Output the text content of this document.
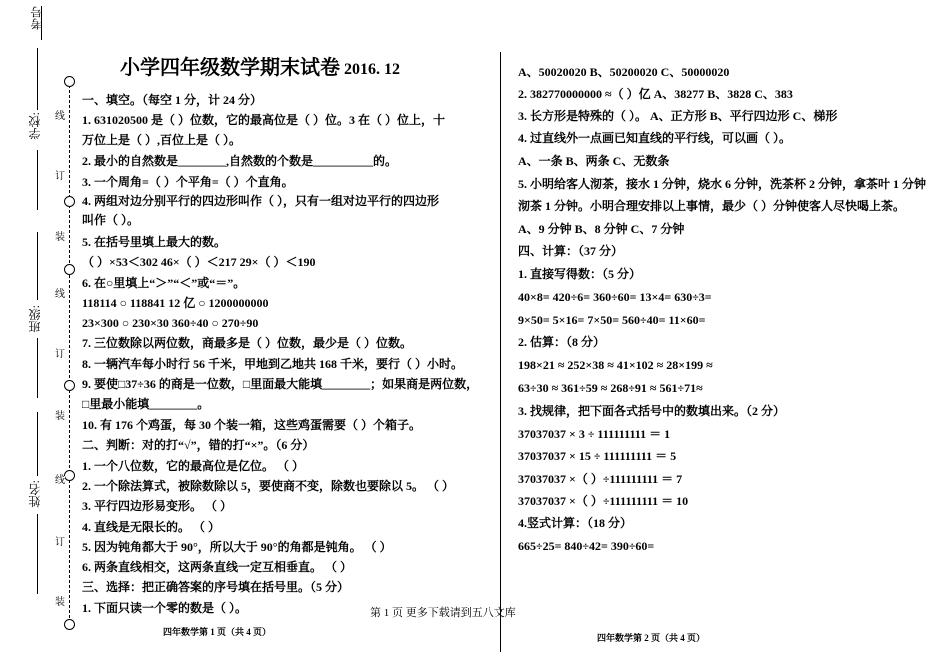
考号
学校:
班级:
姓名:
线
订
装
线
订
装
线
订
装
小学四年级数学期末试卷 2016. 12
一、填空。（每空 1 分，计 24 分）
1. 631020500 是（ ）位数，它的最高位是（ ）位。3 在（ ）位上，十
万位上是（ ）,百位上是（ ）。
2. 最小的自然数是________,自然数的个数是__________的。
3. 一个周角=（ ）个平角=（ ）个直角。
4. 两组对边分别平行的四边形叫作（ ），只有一组对边平行的四边形
叫作（ ）。
5. 在括号里填上最大的数。
（ ）×53＜302 46×（ ）＜217 29×（ ）＜190
6. 在○里填上“＞”“＜”或“＝”。
118114 ○ 118841 12 亿 ○ 1200000000
23×300 ○ 230×30 360÷40 ○ 270÷90
7. 三位数除以两位数，商最多是（ ）位数，最少是（ ）位数。
8. 一辆汽车每小时行 56 千米，甲地到乙地共 168 千米，要行（ ）小时。
9. 要使□37÷36 的商是一位数，□里面最大能填________；如果商是两位数，
□里最小能填________。
10. 有 176 个鸡蛋，每 30 个装一箱，这些鸡蛋需要（ ）个箱子。
二、判断：对的打“√”，错的打“×”。（6 分）
1. 一个八位数，它的最高位是亿位。 （ ）
2. 一个除法算式，被除数除以 5，要使商不变，除数也要除以 5。 （ ）
3. 平行四边形易变形。 （ ）
4. 直线是无限长的。 （ ）
5. 因为钝角都大于 90°，所以大于 90°的角都是钝角。 （ ）
6. 两条直线相交，这两条直线一定互相垂直。 （ ）
三、选择：把正确答案的序号填在括号里。（5 分）
1. 下面只读一个零的数是（ ）。
A、50020020 B、50200020 C、50000020
2. 382770000000 ≈（ ）亿 A、38277 B、3828 C、383
3. 长方形是特殊的（ ）。 A、正方形 B、平行四边形 C、梯形
4. 过直线外一点画已知直线的平行线，可以画（ ）。
A、一条 B、两条 C、无数条
5. 小明给客人沏茶，接水 1 分钟，烧水 6 分钟，洗茶杯 2 分钟，拿茶叶 1 分钟
沏茶 1 分钟。小明合理安排以上事情，最少（ ）分钟使客人尽快喝上茶。
A、9 分钟 B、8 分钟 C、7 分钟
四、计算：（37 分）
1. 直接写得数：（5 分）
40×8= 420÷6= 360÷60= 13×4= 630÷3=
9×50= 5×16= 7×50= 560÷40= 11×60=
2. 估算：（8 分）
198×21 ≈ 252×38 ≈ 41×102 ≈ 28×199 ≈
63÷30 ≈ 361÷59 ≈ 268÷91 ≈ 561÷71≈
3. 找规律，把下面各式括号中的数填出来。（2 分）
37037037 × 3 ÷ 111111111 ＝ 1
37037037 × 15 ÷ 111111111 ＝ 5
37037037 ×（ ）÷111111111 ＝ 7
37037037 ×（ ）÷111111111 ＝ 10
4.竖式计算：（18 分）
665÷25= 840÷42= 390÷60=
四年数学第 1 页（共 4 页）
第 1 页 更多下载请到五八文库
四年数学第 2 页（共 4 页）
